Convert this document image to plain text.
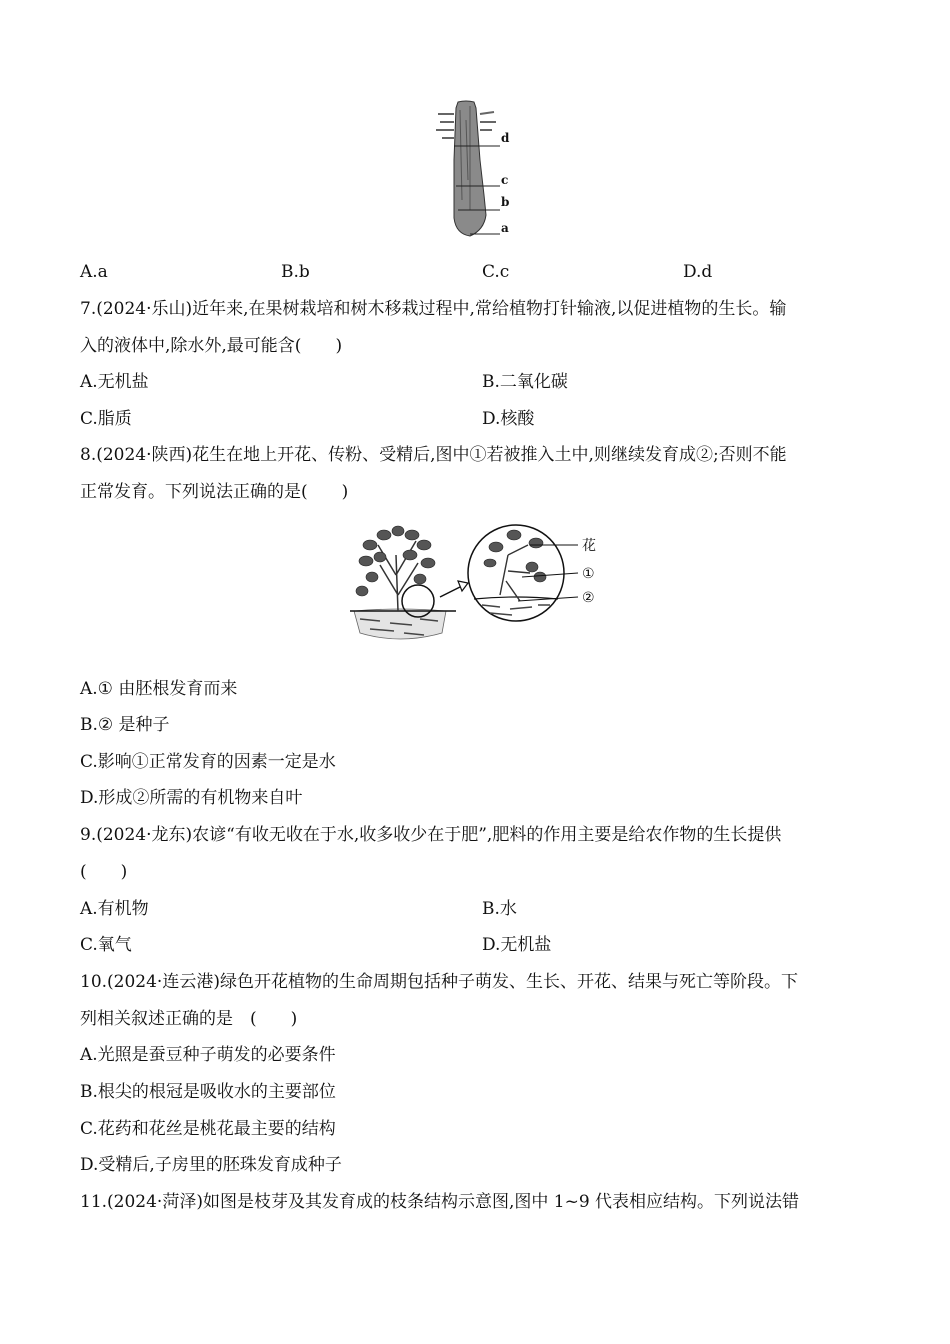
d
c
b
a
A.a	B.b	C.c	D.d
7.(2024·乐山)近年来,在果树栽培和树木移栽过程中,常给植物打针输液,以促进植物的生长。输
入的液体中,除水外,最可能含(　　)
A.无机盐	B.二氧化碳
C.脂质	D.核酸
8.(2024·陕西)花生在地上开花、传粉、受精后,图中①若被推入土中,则继续发育成②;否则不能
正常发育。下列说法正确的是(　　)
花
①
②
A.① 由胚根发育而来
B.② 是种子
C.影响①正常发育的因素一定是水
D.形成②所需的有机物来自叶
9.(2024·龙东)农谚“有收无收在于水,收多收少在于肥”,肥料的作用主要是给农作物的生长提供
(　　)
A.有机物	B.水
C.氧气	D.无机盐
10.(2024·连云港)绿色开花植物的生命周期包括种子萌发、生长、开花、结果与死亡等阶段。下
列相关叙述正确的是　(　　)
A.光照是蚕豆种子萌发的必要条件
B.根尖的根冠是吸收水的主要部位
C.花药和花丝是桃花最主要的结构
D.受精后,子房里的胚珠发育成种子
11.(2024·菏泽)如图是枝芽及其发育成的枝条结构示意图,图中 1~9 代表相应结构。下列说法错
